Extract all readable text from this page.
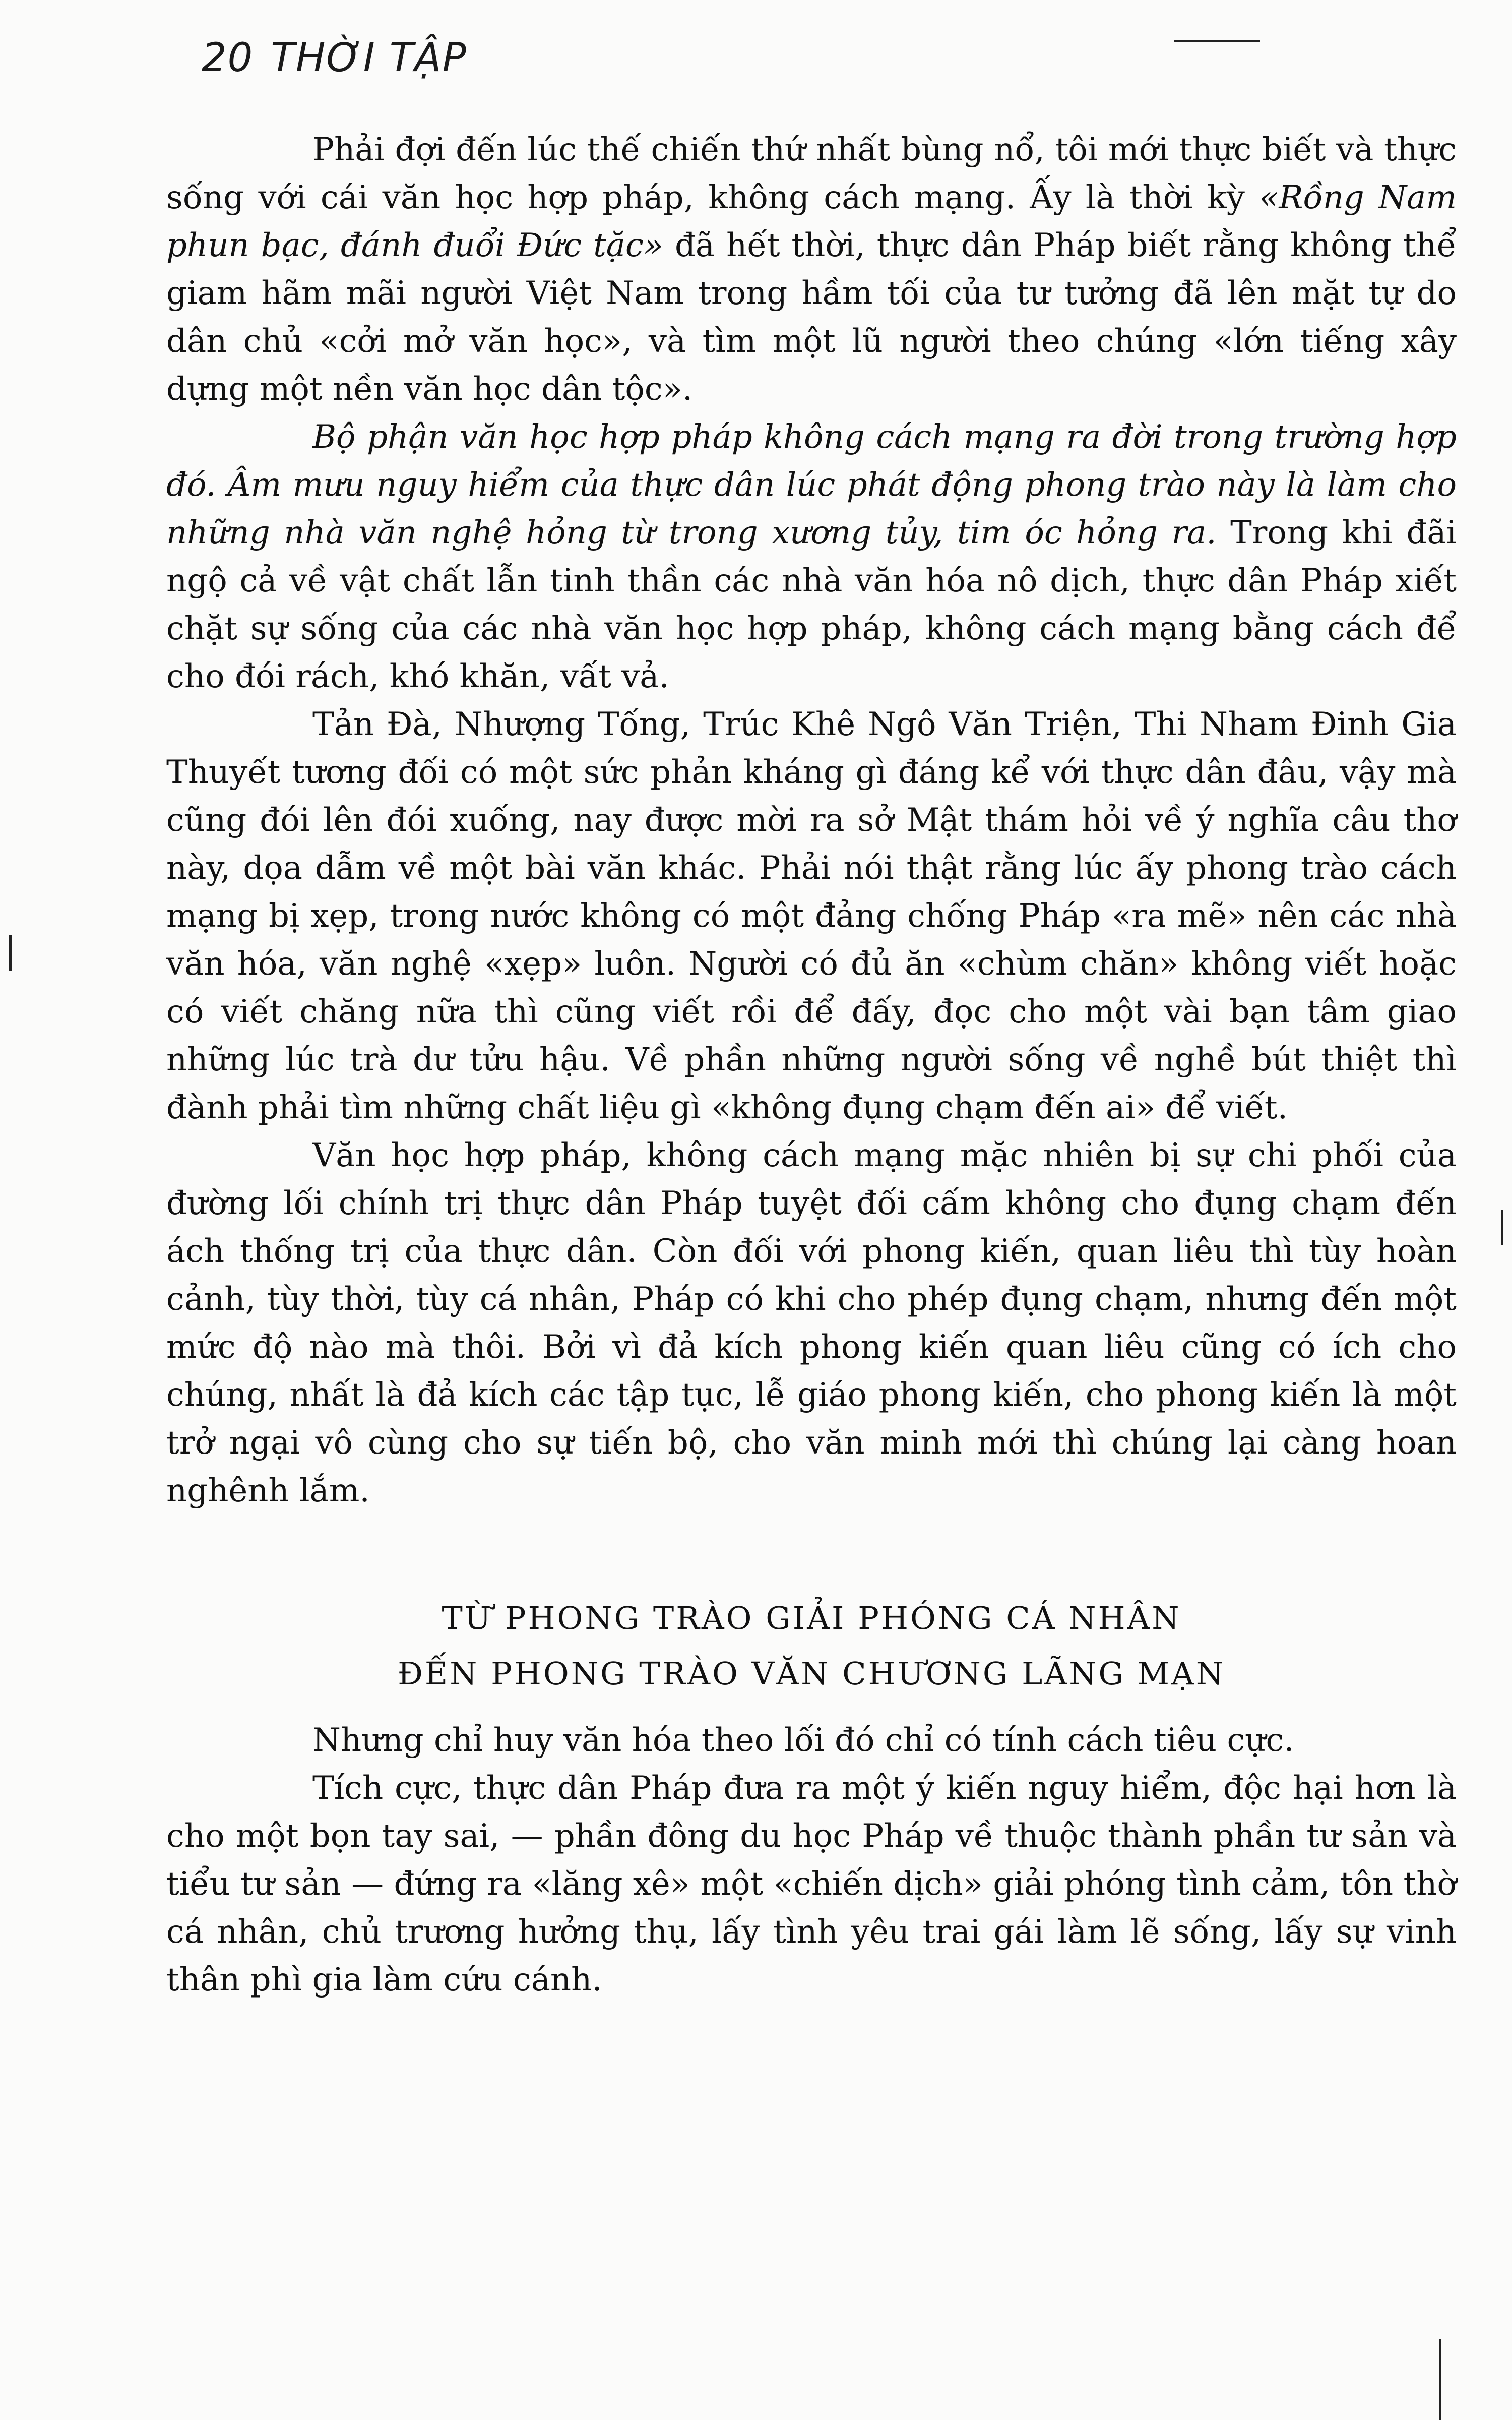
20 THỜI TẬP

Phải đợi đến lúc thế chiến thứ nhất bùng nổ, tôi mới thực biết và thực sống với cái văn học hợp pháp, không cách mạng. Ấy là thời kỳ «Rồng Nam phun bạc, đánh đuổi Đức tặc» đã hết thời, thực dân Pháp biết rằng không thể giam hãm mãi người Việt Nam trong hầm tối của tư tưởng đã lên mặt tự do dân chủ «cởi mở văn học», và tìm một lũ người theo chúng «lớn tiếng xây dựng một nền văn học dân tộc».

Bộ phận văn học hợp pháp không cách mạng ra đời trong trường hợp đó. Âm mưu nguy hiểm của thực dân lúc phát động phong trào này là làm cho những nhà văn nghệ hỏng từ trong xương tủy, tim óc hỏng ra. Trong khi đãi ngộ cả về vật chất lẫn tinh thần các nhà văn hóa nô dịch, thực dân Pháp xiết chặt sự sống của các nhà văn học hợp pháp, không cách mạng bằng cách để cho đói rách, khó khăn, vất vả.

Tản Đà, Nhượng Tống, Trúc Khê Ngô Văn Triện, Thi Nham Đinh Gia Thuyết tương đối có một sức phản kháng gì đáng kể với thực dân đâu, vậy mà cũng đói lên đói xuống, nay được mời ra sở Mật thám hỏi về ý nghĩa câu thơ này, dọa dẫm về một bài văn khác. Phải nói thật rằng lúc ấy phong trào cách mạng bị xẹp, trong nước không có một đảng chống Pháp «ra mẽ» nên các nhà văn hóa, văn nghệ «xẹp» luôn. Người có đủ ăn «chùm chăn» không viết hoặc có viết chăng nữa thì cũng viết rồi để đấy, đọc cho một vài bạn tâm giao những lúc trà dư tửu hậu. Về phần những người sống về nghề bút thiệt thì đành phải tìm những chất liệu gì «không đụng chạm đến ai» để viết.

Văn học hợp pháp, không cách mạng mặc nhiên bị sự chi phối của đường lối chính trị thực dân Pháp tuyệt đối cấm không cho đụng chạm đến ách thống trị của thực dân. Còn đối với phong kiến, quan liêu thì tùy hoàn cảnh, tùy thời, tùy cá nhân, Pháp có khi cho phép đụng chạm, nhưng đến một mức độ nào mà thôi. Bởi vì đả kích phong kiến quan liêu cũng có ích cho chúng, nhất là đả kích các tập tục, lễ giáo phong kiến, cho phong kiến là một trở ngại vô cùng cho sự tiến bộ, cho văn minh mới thì chúng lại càng hoan nghênh lắm.

TỪ PHONG TRÀO GIẢI PHÓNG CÁ NHÂN
ĐẾN PHONG TRÀO VĂN CHƯƠNG LÃNG MẠN

Nhưng chỉ huy văn hóa theo lối đó chỉ có tính cách tiêu cực.

Tích cực, thực dân Pháp đưa ra một ý kiến nguy hiểm, độc hại hơn là cho một bọn tay sai, — phần đông du học Pháp về thuộc thành phần tư sản và tiểu tư sản — đứng ra «lăng xê» một «chiến dịch» giải phóng tình cảm, tôn thờ cá nhân, chủ trương hưởng thụ, lấy tình yêu trai gái làm lẽ sống, lấy sự vinh thân phì gia làm cứu cánh.
